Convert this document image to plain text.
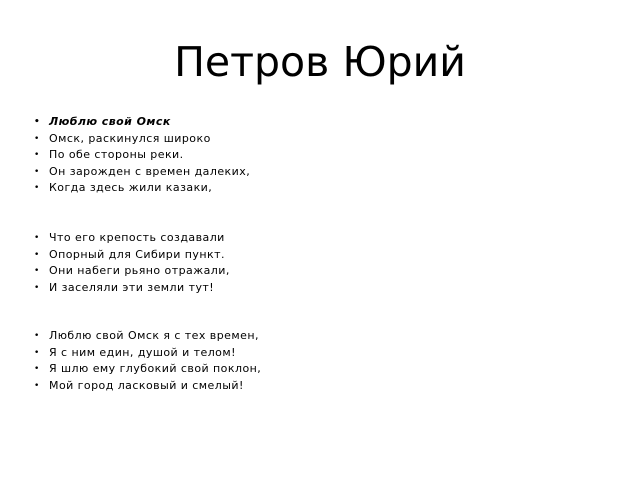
Петров Юрий
• Люблю свой Омск
• Омск, раскинулся широко
• По обе стороны реки.
• Он зарожден с времен далеких,
• Когда здесь жили казаки,
• Что его крепость создавали
• Опорный для Сибири пункт.
• Они набеги рьяно отражали,
• И заселяли эти земли тут!
• Люблю свой Омск я с тех времен,
• Я с ним един, душой и телом!
• Я шлю ему глубокий свой поклон,
• Мой город ласковый и смелый!
